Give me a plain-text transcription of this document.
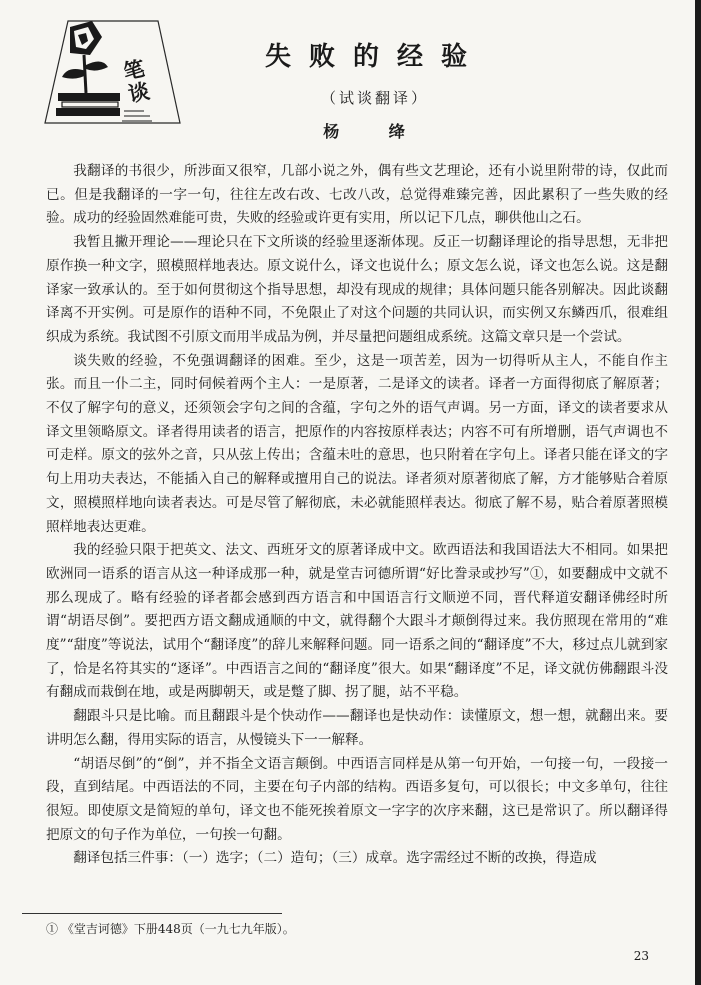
笔谈
失败的经验
（试谈翻译）
杨 绛

我翻译的书很少，所涉面又很窄，几部小说之外，偶有些文艺理论，还有小说里附带的诗，仅此而已。但是我翻译的一字一句，往往左改右改、七改八改，总觉得难臻完善，因此累积了一些失败的经验。成功的经验固然难能可贵，失败的经验或许更有实用，所以记下几点，聊供他山之石。

我暂且撇开理论——理论只在下文所谈的经验里逐渐体现。反正一切翻译理论的指导思想，无非把原作换一种文字，照模照样地表达。原文说什么，译文也说什么；原文怎么说，译文也怎么说。这是翻译家一致承认的。至于如何贯彻这个指导思想，却没有现成的规律；具体问题只能各别解决。因此谈翻译离不开实例。可是原作的语种不同，不免限止了对这个问题的共同认识，而实例又东鳞西爪，很难组织成为系统。我试图不引原文而用半成品为例，并尽量把问题组成系统。这篇文章只是一个尝试。

谈失败的经验，不免强调翻译的困难。至少，这是一项苦差，因为一切得听从主人，不能自作主张。而且一仆二主，同时伺候着两个主人：一是原著，二是译文的读者。译者一方面得彻底了解原著；不仅了解字句的意义，还须领会字句之间的含蕴，字句之外的语气声调。另一方面，译文的读者要求从译文里领略原文。译者得用读者的语言，把原作的内容按原样表达；内容不可有所增删，语气声调也不可走样。原文的弦外之音，只从弦上传出；含蕴未吐的意思，也只附着在字句上。译者只能在译文的字句上用功夫表达，不能插入自己的解释或擅用自己的说法。译者须对原著彻底了解，方才能够贴合着原文，照模照样地向读者表达。可是尽管了解彻底，未必就能照样表达。彻底了解不易，贴合着原著照模照样地表达更难。

我的经验只限于把英文、法文、西班牙文的原著译成中文。欧西语法和我国语法大不相同。如果把欧洲同一语系的语言从这一种译成那一种，就是堂吉诃德所谓“好比誊录或抄写”①，如要翻成中文就不那么现成了。略有经验的译者都会感到西方语言和中国语言行文顺逆不同，晋代释道安翻译佛经时所谓“胡语尽倒”。要把西方语文翻成通顺的中文，就得翻个大跟斗才颠倒得过来。我仿照现在常用的“难度”“甜度”等说法，试用个“翻译度”的辞儿来解释问题。同一语系之间的“翻译度”不大，移过点儿就到家了，恰是名符其实的“逐译”。中西语言之间的“翻译度”很大。如果“翻译度”不足，译文就仿佛翻跟斗没有翻成而栽倒在地，或是两脚朝天，或是蹩了脚、拐了腿，站不平稳。

翻跟斗只是比喻。而且翻跟斗是个快动作——翻译也是快动作：读懂原文，想一想，就翻出来。要讲明怎么翻，得用实际的语言，从慢镜头下一一解释。

“胡语尽倒”的“倒”，并不指全文语言颠倒。中西语言同样是从第一句开始，一句接一句，一段接一段，直到结尾。中西语法的不同，主要在句子内部的结构。西语多复句，可以很长；中文多单句，往往很短。即使原文是简短的单句，译文也不能死挨着原文一字字的次序来翻，这已是常识了。所以翻译得把原文的句子作为单位，一句挨一句翻。

翻译包括三件事：（一）选字；（二）造句；（三）成章。选字需经过不断的改换，得造成

① 《堂吉诃德》下册448页（一九七九年版）。
23
